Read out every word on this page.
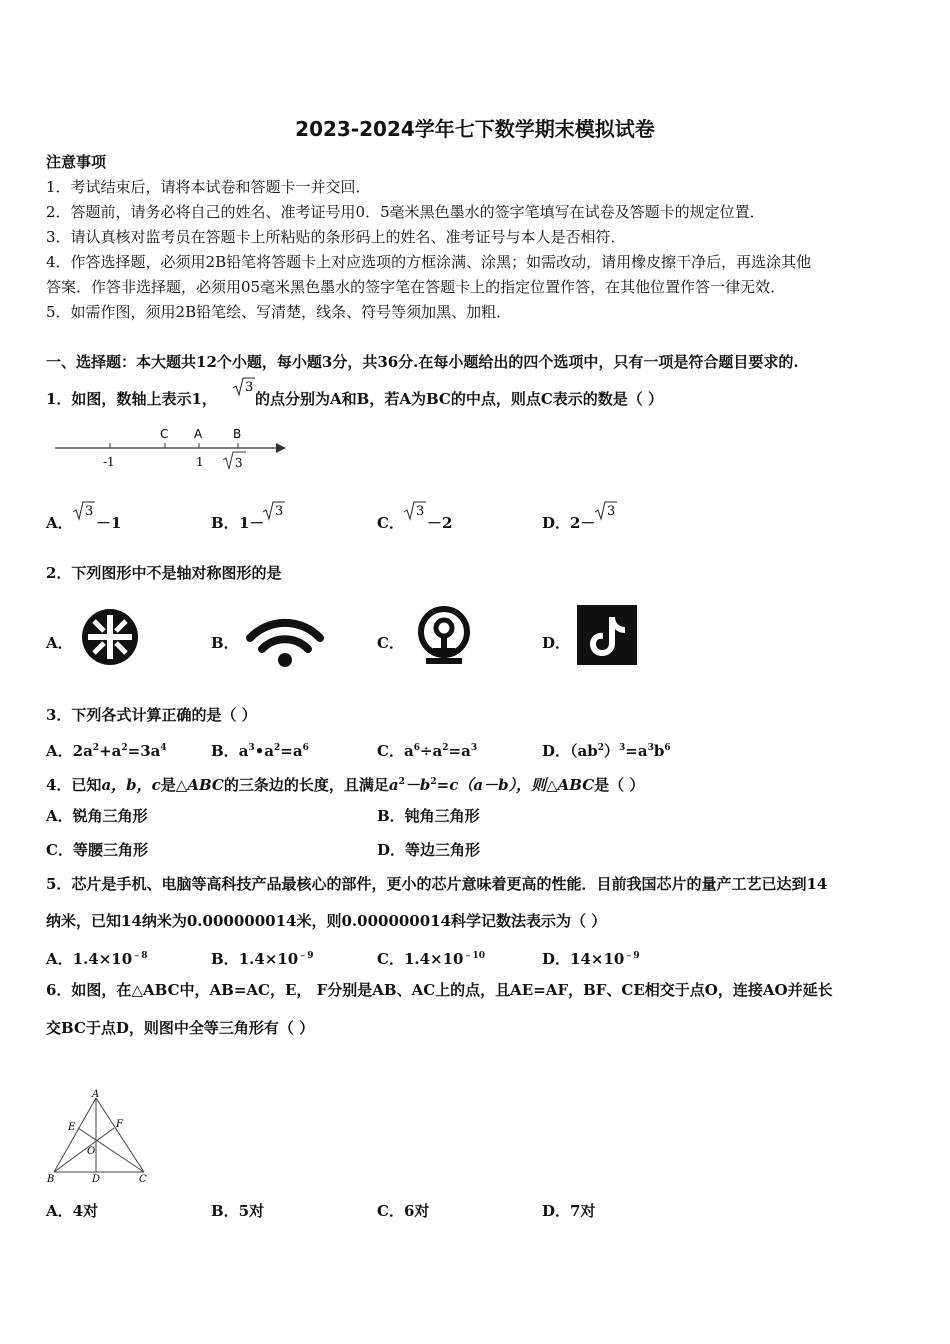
2023-2024学年七下数学期末模拟试卷
注意事项
1．考试结束后，请将本试卷和答题卡一并交回．
2．答题前，请务必将自己的姓名、准考证号用0．5毫米黑色墨水的签字笔填写在试卷及答题卡的规定位置．
3．请认真核对监考员在答题卡上所粘贴的条形码上的姓名、准考证号与本人是否相符．
4．作答选择题，必须用2B铅笔将答题卡上对应选项的方框涂满、涂黑；如需改动，请用橡皮擦干净后，再选涂其他
答案．作答非选择题，必须用05毫米黑色墨水的签字笔在答题卡上的指定位置作答，在其他位置作答一律无效．
5．如需作图，须用2B铅笔绘、写清楚，线条、符号等须加黑、加粗．
一、选择题：本大题共12个小题，每小题3分，共36分.在每小题给出的四个选项中，只有一项是符合题目要求的.
1．如图，数轴上表示1，
3
的点分别为A和B，若A为BC的中点，则点C表示的数是（ ）
C A	B
-1	1	3
A．
3
－1	B． 1－
3
C．
3
－2	D． 2－
3
2．下列图形中不是轴对称图形的是
A．	B．	C．	D．
3．下列各式计算正确的是（ ）
A．$2a^2+a^2=3a^4$	B．$a^3•a^2=a^6$	C．$a^6\div a^2=a^3$	D．$(ab^2)^3=a^3b^6$
4．已知a，b，c是△ABC的三条边的长度，且满足$a^2-b^2=c(a-b)$，则△ABC是（ ）
A．锐角三角形	B．钝角三角形
C．等腰三角形	D．等边三角形
5．芯片是手机、电脑等高科技产品最核心的部件，更小的芯片意味着更高的性能．目前我国芯片的量产工艺已达到14
纳米，已知14纳米为0.000000014米，则0.000000014科学记数法表示为（ ）
A．$1.4\times 10^{﹣8}$	B．$1.4\times 10^{﹣9}$	C．$1.4\times 10^{﹣10}$	D．$14\times 10^{﹣9}$
6．如图，在△ABC中，AB=AC，E， F分别是AB、AC上的点，且AE=AF，BF、CE相交于点O，连接AO并延长
交BC于点D，则图中全等三角形有（ ）
A
E	F
O
B	D	C
A．4对	B．5对	C．6对	D．7对
